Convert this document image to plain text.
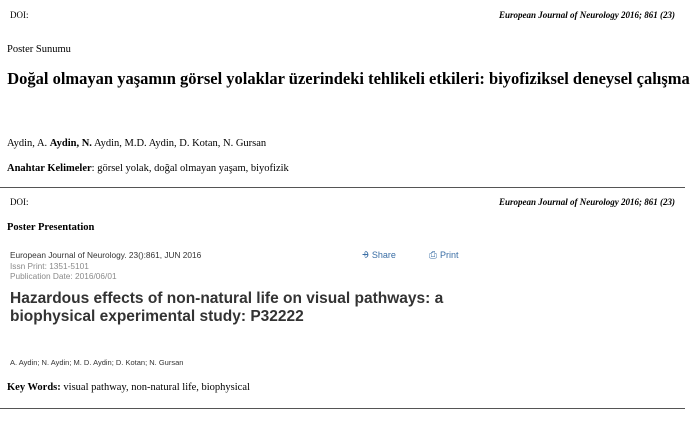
DOI:	European Journal of Neurology 2016; 861 (23)
Poster Sunumu
Doğal olmayan yaşamın görsel yolaklar üzerindeki tehlikeli etkileri: biyofiziksel deneysel çalışma
Aydin, A. Aydin, N. Aydin, M.D. Aydin, D. Kotan, N. Gursan
Anahtar Kelimeler: görsel yolak, doğal olmayan yaşam, biyofizik
DOI:	European Journal of Neurology 2016; 861 (23)
Poster Presentation
European Journal of Neurology. 23():861, JUN 2016
Issn Print: 1351-5101
Publication Date: 2016/06/01
⨮ Share	⎙ Print
Hazardous effects of non-natural life on visual pathways: a biophysical experimental study: P32222
A. Aydin; N. Aydin; M. D. Aydin; D. Kotan; N. Gursan
Key Words: visual pathway, non-natural life, biophysical
